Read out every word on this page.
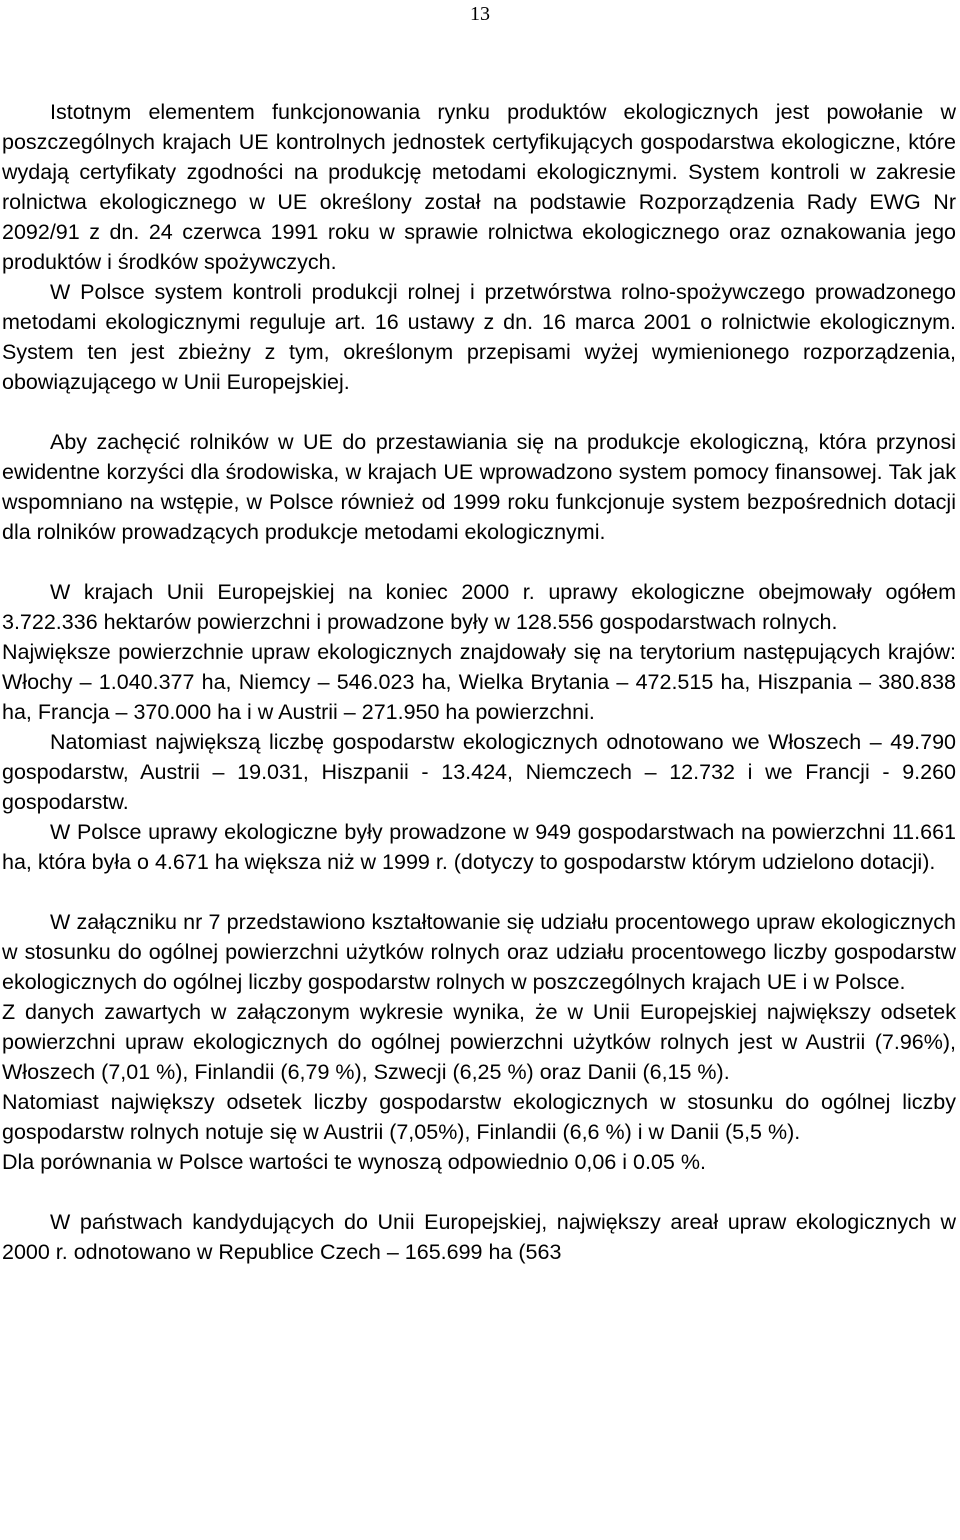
13

Istotnym elementem funkcjonowania rynku produktów ekologicznych jest powołanie w poszczególnych krajach UE kontrolnych jednostek certyfikujących gospodarstwa ekologiczne, które wydają certyfikaty zgodności na produkcję metodami ekologicznymi. System kontroli w zakresie rolnictwa ekologicznego w UE określony został na podstawie Rozporządzenia Rady EWG Nr 2092/91 z dn. 24 czerwca 1991 roku w sprawie rolnictwa ekologicznego oraz oznakowania jego produktów i środków spożywczych.

W Polsce system kontroli produkcji rolnej i przetwórstwa rolno-spożywczego prowadzonego metodami ekologicznymi reguluje art. 16 ustawy z dn. 16 marca 2001 o rolnictwie ekologicznym. System ten jest zbieżny z tym, określonym przepisami wyżej wymienionego rozporządzenia, obowiązującego w Unii Europejskiej.

Aby zachęcić rolników w UE do przestawiania się na produkcje ekologiczną, która przynosi ewidentne korzyści dla środowiska, w krajach UE wprowadzono system pomocy finansowej. Tak jak wspomniano na wstępie, w Polsce również od 1999 roku funkcjonuje system bezpośrednich dotacji dla rolników prowadzących produkcje metodami ekologicznymi.

W krajach Unii Europejskiej na koniec 2000 r. uprawy ekologiczne obejmowały ogółem 3.722.336 hektarów powierzchni i prowadzone były w 128.556 gospodarstwach rolnych.

Największe powierzchnie upraw ekologicznych znajdowały się na terytorium następujących krajów: Włochy – 1.040.377 ha, Niemcy – 546.023 ha, Wielka Brytania – 472.515 ha, Hiszpania – 380.838 ha, Francja – 370.000 ha i w Austrii – 271.950 ha powierzchni.

Natomiast największą liczbę gospodarstw ekologicznych odnotowano we Włoszech – 49.790 gospodarstw, Austrii – 19.031, Hiszpanii - 13.424, Niemczech – 12.732 i we Francji - 9.260 gospodarstw.

W Polsce uprawy ekologiczne były prowadzone w 949 gospodarstwach na powierzchni 11.661 ha, która była o 4.671 ha większa niż w 1999 r. (dotyczy to gospodarstw którym udzielono dotacji).

W załączniku nr 7 przedstawiono kształtowanie się udziału procentowego upraw ekologicznych w stosunku do ogólnej powierzchni użytków rolnych oraz udziału procentowego liczby gospodarstw ekologicznych do ogólnej liczby gospodarstw rolnych w poszczególnych krajach UE i w Polsce.

Z danych zawartych w załączonym wykresie wynika, że w Unii Europejskiej największy odsetek powierzchni upraw ekologicznych do ogólnej powierzchni użytków rolnych jest w Austrii (7.96%), Włoszech (7,01 %), Finlandii (6,79 %), Szwecji (6,25 %) oraz Danii (6,15 %).

Natomiast największy odsetek liczby gospodarstw ekologicznych w stosunku do ogólnej liczby gospodarstw rolnych notuje się w Austrii (7,05%), Finlandii (6,6 %) i w Danii (5,5 %).

Dla porównania w Polsce wartości te wynoszą odpowiednio 0,06 i 0.05 %.

W państwach kandydujących do Unii Europejskiej, największy areał upraw ekologicznych w 2000 r. odnotowano w Republice Czech – 165.699 ha (563
